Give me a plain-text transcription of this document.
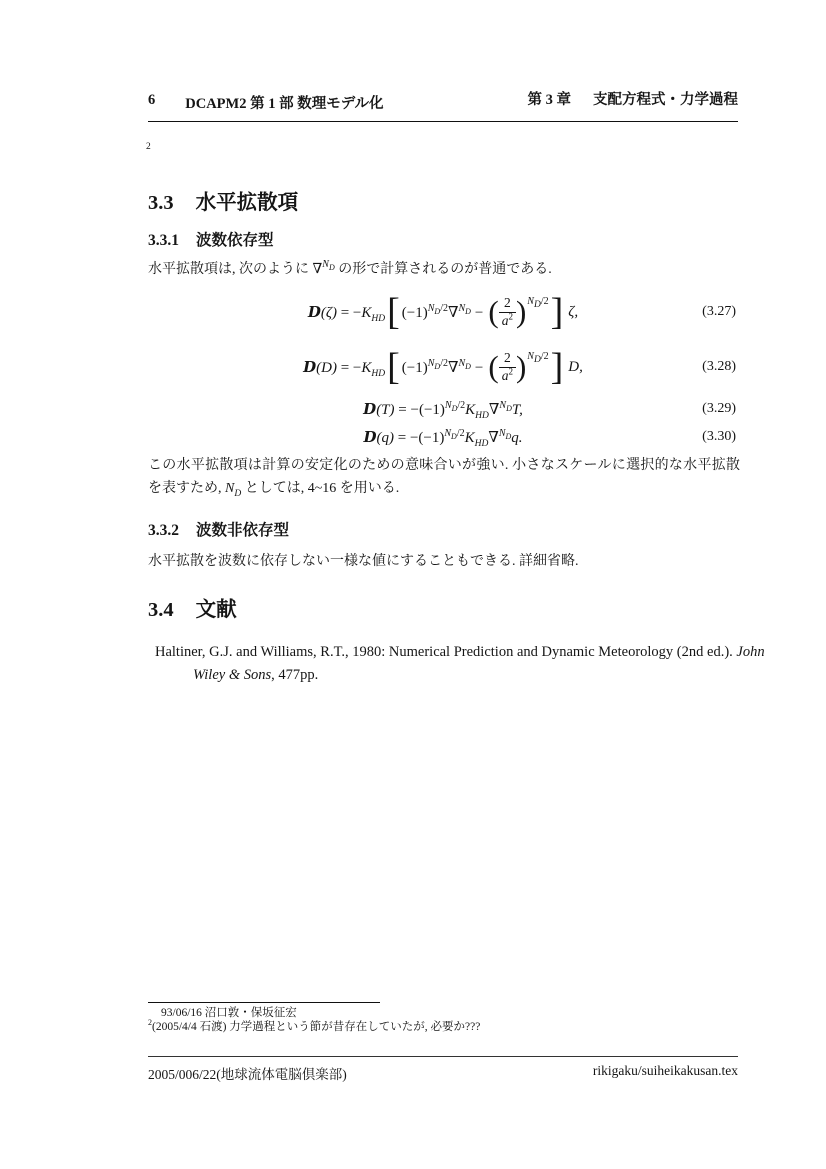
6 DCAPM2 第 1 部 数理モデル化	第 3 章 支配方程式・力学過程
2
3.3 水平拡散項
3.3.1 波数依存型

水平拡散項は, 次のように ∇$^{N_D}$ の形で計算されるのが普通である.

$D(\zeta) = -K_{HD}$ [ $(-1)^{N_D/2}\nabla^{N_D}$ − ( $\frac{2}{a^2}$ ) $N_D/2$ ] ζ,	(3.27)
$D(D) = -K_{HD}$ [ $(-1)^{N_D/2}\nabla^{N_D}$ − ( $\frac{2}{a^2}$ ) $N_D/2$ ] D,	(3.28)
$D(T) = -(-1)^{N_D/2}K_{HD}\nabla^{N_D}T$,	(3.29)
$D(q) = -(-1)^{N_D/2}K_{HD}\nabla^{N_D}q$.	(3.30)

この水平拡散項は計算の安定化のための意味合いが強い. 小さなスケールに選択的な水平拡散を表すため, $N_D$ としては, 4~16 を用いる.

3.3.2 波数非依存型

水平拡散を波数に依存しない一様な値にすることもできる. 詳細省略.

3.4 文献

Haltiner, G.J. and Williams, R.T., 1980: Numerical Prediction and Dynamic Meteorology (2nd ed.). John Wiley & Sons, 477pp.

93/06/16 沼口敦・保坂征宏
$^2$(2005/4/4 石渡) 力学過程という節が昔存在していたが, 必要か???
2005/006/22(地球流体電脳倶楽部)	rikigaku/suiheikakusan.tex
